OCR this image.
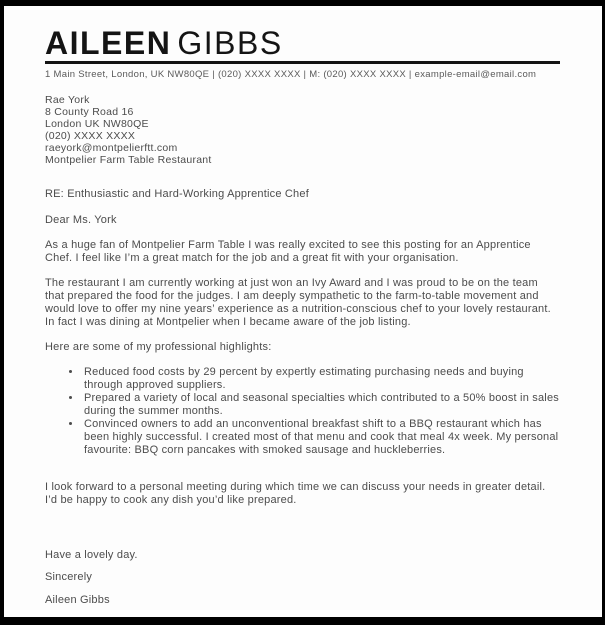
AILEEN GIBBS
1 Main Street, London, UK NW80QE | (020) XXXX XXXX | M: (020) XXXX XXXX | example-email@email.com
Rae York
8 County Road 16
London UK NW80QE
(020) XXXX XXXX
raeyork@montpelierftt.com
Montpelier Farm Table Restaurant

RE: Enthusiastic and Hard-Working Apprentice Chef

Dear Ms. York

As a huge fan of Montpelier Farm Table I was really excited to see this posting for an Apprentice Chef. I feel like I’m a great match for the job and a great fit with your organisation.

The restaurant I am currently working at just won an Ivy Award and I was proud to be on the team that prepared the food for the judges. I am deeply sympathetic to the farm-to-table movement and would love to offer my nine years’ experience as a nutrition-conscious chef to your lovely restaurant. In fact I was dining at Montpelier when I became aware of the job listing.

Here are some of my professional highlights:

• Reduced food costs by 29 percent by expertly estimating purchasing needs and buying through approved suppliers.
• Prepared a variety of local and seasonal specialties which contributed to a 50% boost in sales during the summer months.
• Convinced owners to add an unconventional breakfast shift to a BBQ restaurant which has been highly successful. I created most of that menu and cook that meal 4x week. My personal favourite: BBQ corn pancakes with smoked sausage and huckleberries.

I look forward to a personal meeting during which time we can discuss your needs in greater detail. I’d be happy to cook any dish you’d like prepared.

Have a lovely day.

Sincerely

Aileen Gibbs
